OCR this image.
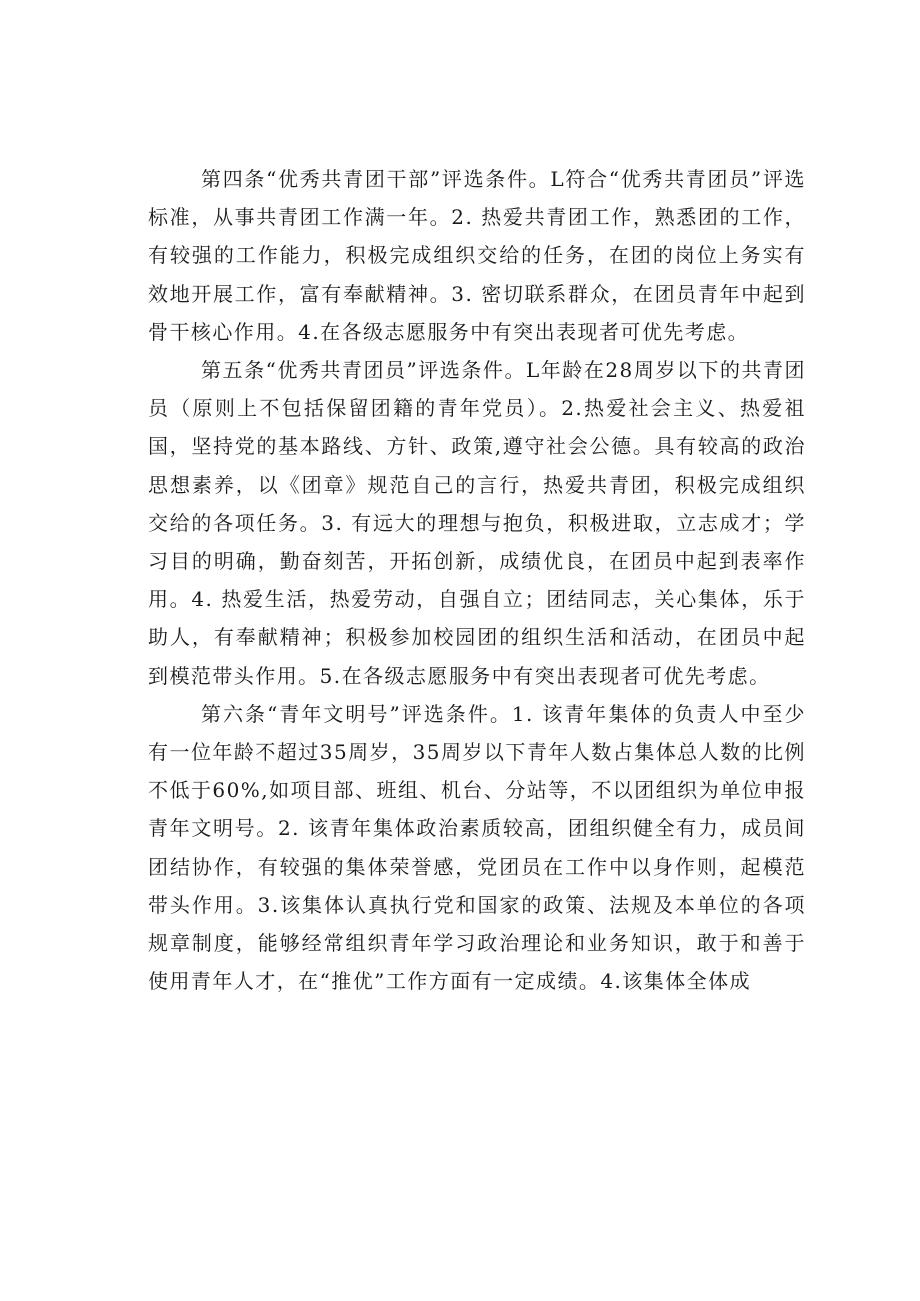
第四条“优秀共青团干部”评选条件。L符合“优秀共青团员”评选标准，从事共青团工作满一年。2. 热爱共青团工作，熟悉团的工作，有较强的工作能力，积极完成组织交给的任务，在团的岗位上务实有效地开展工作，富有奉献精神。3. 密切联系群众，在团员青年中起到骨干核心作用。4.在各级志愿服务中有突出表现者可优先考虑。

第五条“优秀共青团员”评选条件。L年龄在28周岁以下的共青团员（原则上不包括保留团籍的青年党员）。2.热爱社会主义、热爱祖国，坚持党的基本路线、方针、政策,遵守社会公德。具有较高的政治思想素养，以《团章》规范自己的言行，热爱共青团，积极完成组织交给的各项任务。3. 有远大的理想与抱负，积极进取，立志成才；学习目的明确，勤奋刻苦，开拓创新，成绩优良，在团员中起到表率作用。4. 热爱生活，热爱劳动，自强自立；团结同志，关心集体，乐于助人，有奉献精神；积极参加校园团的组织生活和活动，在团员中起到模范带头作用。5.在各级志愿服务中有突出表现者可优先考虑。

第六条“青年文明号”评选条件。1. 该青年集体的负责人中至少有一位年龄不超过35周岁，35周岁以下青年人数占集体总人数的比例不低于60%,如项目部、班组、机台、分站等，不以团组织为单位申报青年文明号。2. 该青年集体政治素质较高，团组织健全有力，成员间团结协作，有较强的集体荣誉感，党团员在工作中以身作则，起模范带头作用。3.该集体认真执行党和国家的政策、法规及本单位的各项规章制度，能够经常组织青年学习政治理论和业务知识，敢于和善于使用青年人才，在“推优”工作方面有一定成绩。4.该集体全体成
